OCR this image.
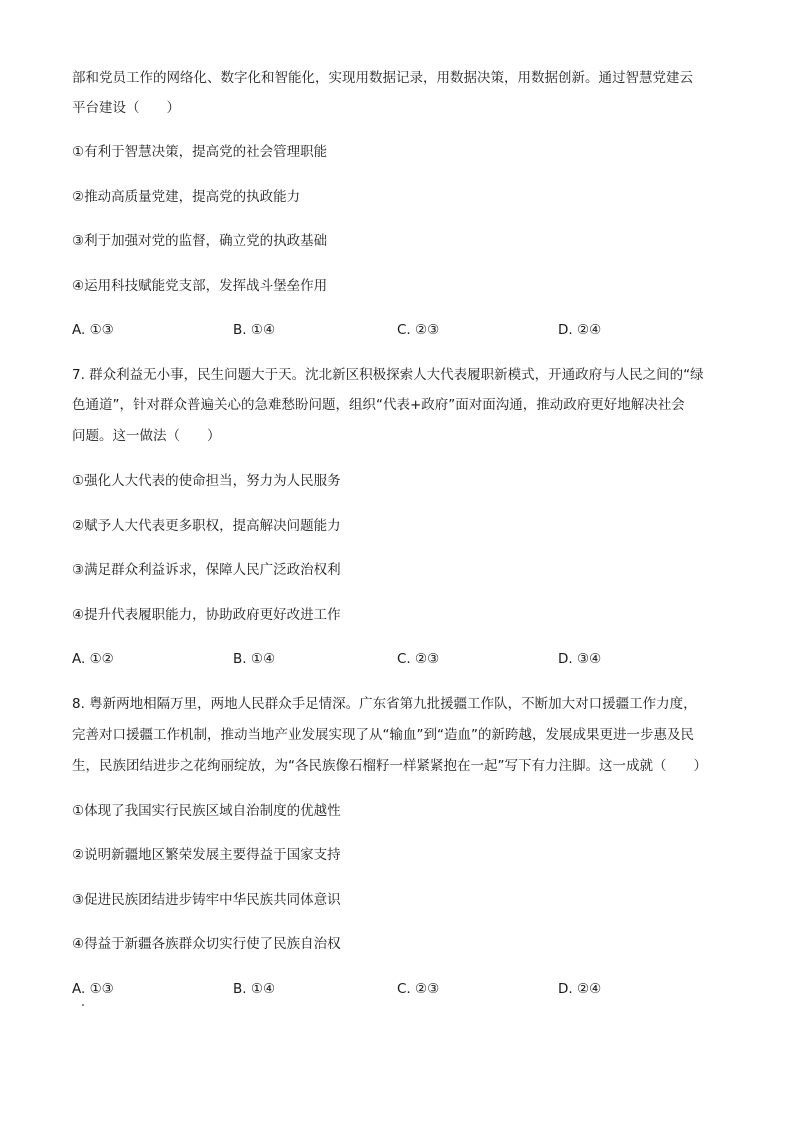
部和党员工作的网络化、数字化和智能化，实现用数据记录，用数据决策，用数据创新。通过智慧党建云
平台建设（　　）
①有利于智慧决策，提高党的社会管理职能
②推动高质量党建，提高党的执政能力
③利于加强对党的监督，确立党的执政基础
④运用科技赋能党支部，发挥战斗堡垒作用
A. ①③	B. ①④	C. ②③	D. ②④
7. 群众利益无小事，民生问题大于天。沈北新区积极探索人大代表履职新模式，开通政府与人民之间的“绿
色通道”，针对群众普遍关心的急难愁盼问题，组织“代表+政府”面对面沟通，推动政府更好地解决社会
问题。这一做法（　　）
①强化人大代表的使命担当，努力为人民服务
②赋予人大代表更多职权，提高解决问题能力
③满足群众利益诉求，保障人民广泛政治权利
④提升代表履职能力，协助政府更好改进工作
A. ①②	B. ①④	C. ②③	D. ③④
8. 粤新两地相隔万里，两地人民群众手足情深。广东省第九批援疆工作队，不断加大对口援疆工作力度，
完善对口援疆工作机制，推动当地产业发展实现了从“输血”到“造血”的新跨越，发展成果更进一步惠及民
生，民族团结进步之花绚丽绽放，为“各民族像石榴籽一样紧紧抱在一起”写下有力注脚。这一成就（　　）
①体现了我国实行民族区域自治制度的优越性
②说明新疆地区繁荣发展主要得益于国家支持
③促进民族团结进步铸牢中华民族共同体意识
④得益于新疆各族群众切实行使了民族自治权
A. ①③	B. ①④	C. ②③	D. ②④
